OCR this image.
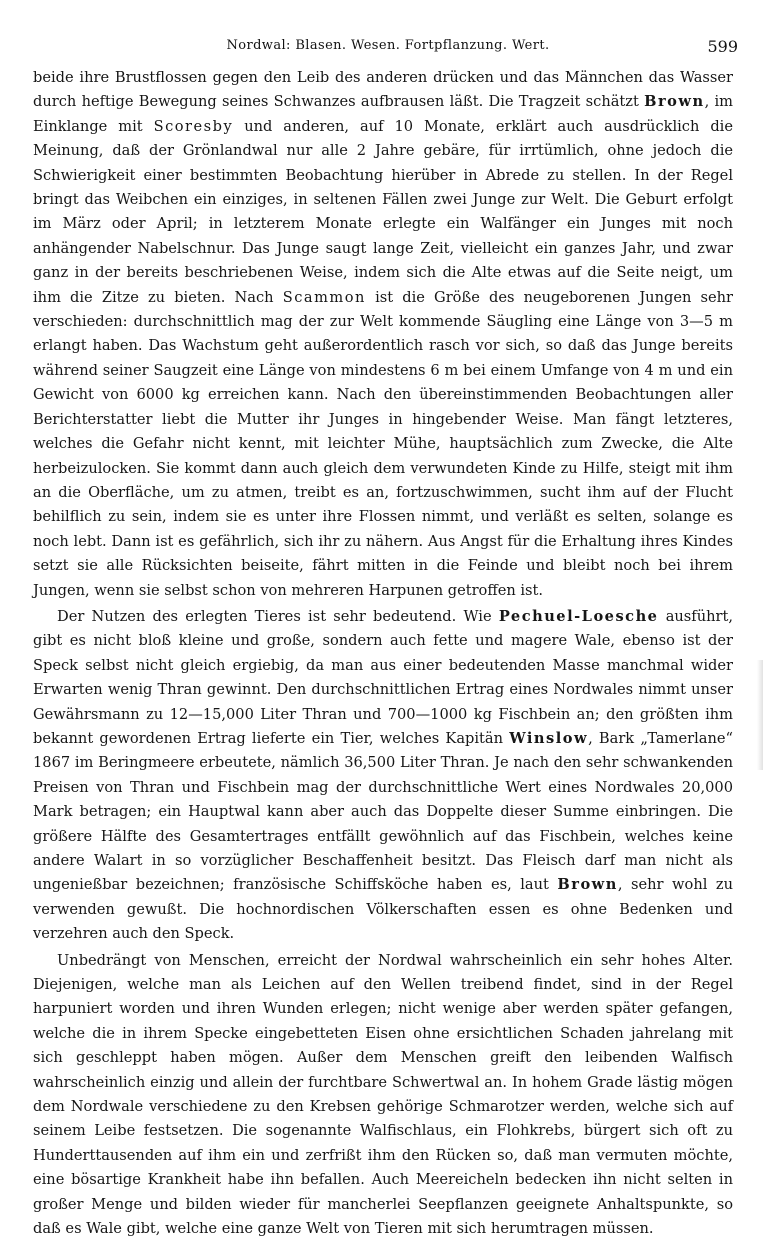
Nordwal: Blasen. Wesen. Fortpflanzung. Wert.	599

beide ihre Brustflossen gegen den Leib des anderen drücken und das Männchen das Wasser durch heftige Bewegung seines Schwanzes aufbrausen läßt. Die Tragzeit schätzt Brown, im Einklange mit Scoresby und anderen, auf 10 Monate, erklärt auch ausdrücklich die Meinung, daß der Grönlandwal nur alle 2 Jahre gebäre, für irrtümlich, ohne jedoch die Schwierigkeit einer bestimmten Beobachtung hierüber in Abrede zu stellen. In der Regel bringt das Weibchen ein einziges, in seltenen Fällen zwei Junge zur Welt. Die Geburt erfolgt im März oder April; in letzterem Monate erlegte ein Walfänger ein Junges mit noch anhängender Nabelschnur. Das Junge saugt lange Zeit, vielleicht ein ganzes Jahr, und zwar ganz in der bereits beschriebenen Weise, indem sich die Alte etwas auf die Seite neigt, um ihm die Zitze zu bieten. Nach Scammon ist die Größe des neugeborenen Jungen sehr verschieden: durchschnittlich mag der zur Welt kommende Säugling eine Länge von 3—5 m erlangt haben. Das Wachstum geht außerordentlich rasch vor sich, so daß das Junge bereits während seiner Saugzeit eine Länge von mindestens 6 m bei einem Umfange von 4 m und ein Gewicht von 6000 kg erreichen kann. Nach den übereinstimmenden Beobachtungen aller Berichterstatter liebt die Mutter ihr Junges in hingebender Weise. Man fängt letzteres, welches die Gefahr nicht kennt, mit leichter Mühe, hauptsächlich zum Zwecke, die Alte herbeizulocken. Sie kommt dann auch gleich dem verwundeten Kinde zu Hilfe, steigt mit ihm an die Oberfläche, um zu atmen, treibt es an, fortzuschwimmen, sucht ihm auf der Flucht behilflich zu sein, indem sie es unter ihre Flossen nimmt, und verläßt es selten, solange es noch lebt. Dann ist es gefährlich, sich ihr zu nähern. Aus Angst für die Erhaltung ihres Kindes setzt sie alle Rücksichten beiseite, fährt mitten in die Feinde und bleibt noch bei ihrem Jungen, wenn sie selbst schon von mehreren Harpunen getroffen ist.

Der Nutzen des erlegten Tieres ist sehr bedeutend. Wie Pechuel-Loesche ausführt, gibt es nicht bloß kleine und große, sondern auch fette und magere Wale, ebenso ist der Speck selbst nicht gleich ergiebig, da man aus einer bedeutenden Masse manchmal wider Erwarten wenig Thran gewinnt. Den durchschnittlichen Ertrag eines Nordwales nimmt unser Gewährsmann zu 12—15,000 Liter Thran und 700—1000 kg Fischbein an; den größten ihm bekannt gewordenen Ertrag lieferte ein Tier, welches Kapitän Winslow, Bark „Tamerlane“ 1867 im Beringmeere erbeutete, nämlich 36,500 Liter Thran. Je nach den sehr schwankenden Preisen von Thran und Fischbein mag der durchschnittliche Wert eines Nordwales 20,000 Mark betragen; ein Hauptwal kann aber auch das Doppelte dieser Summe einbringen. Die größere Hälfte des Gesamtertrages entfällt gewöhnlich auf das Fischbein, welches keine andere Walart in so vorzüglicher Beschaffenheit besitzt. Das Fleisch darf man nicht als ungenießbar bezeichnen; französische Schiffsköche haben es, laut Brown, sehr wohl zu verwenden gewußt. Die hochnordischen Völkerschaften essen es ohne Bedenken und verzehren auch den Speck.

Unbedrängt von Menschen, erreicht der Nordwal wahrscheinlich ein sehr hohes Alter. Diejenigen, welche man als Leichen auf den Wellen treibend findet, sind in der Regel harpuniert worden und ihren Wunden erlegen; nicht wenige aber werden später gefangen, welche die in ihrem Specke eingebetteten Eisen ohne ersichtlichen Schaden jahrelang mit sich geschleppt haben mögen. Außer dem Menschen greift den leibenden Walfisch wahrscheinlich einzig und allein der furchtbare Schwertwal an. In hohem Grade lästig mögen dem Nordwale verschiedene zu den Krebsen gehörige Schmarotzer werden, welche sich auf seinem Leibe festsetzen. Die sogenannte Walfischlaus, ein Flohkrebs, bürgert sich oft zu Hunderttausenden auf ihm ein und zerfrißt ihm den Rücken so, daß man vermuten möchte, eine bösartige Krankheit habe ihn befallen. Auch Meereicheln bedecken ihn nicht selten in großer Menge und bilden wieder für mancherlei Seepflanzen geeignete Anhaltspunkte, so daß es Wale gibt, welche eine ganze Welt von Tieren mit sich herumtragen müssen.
